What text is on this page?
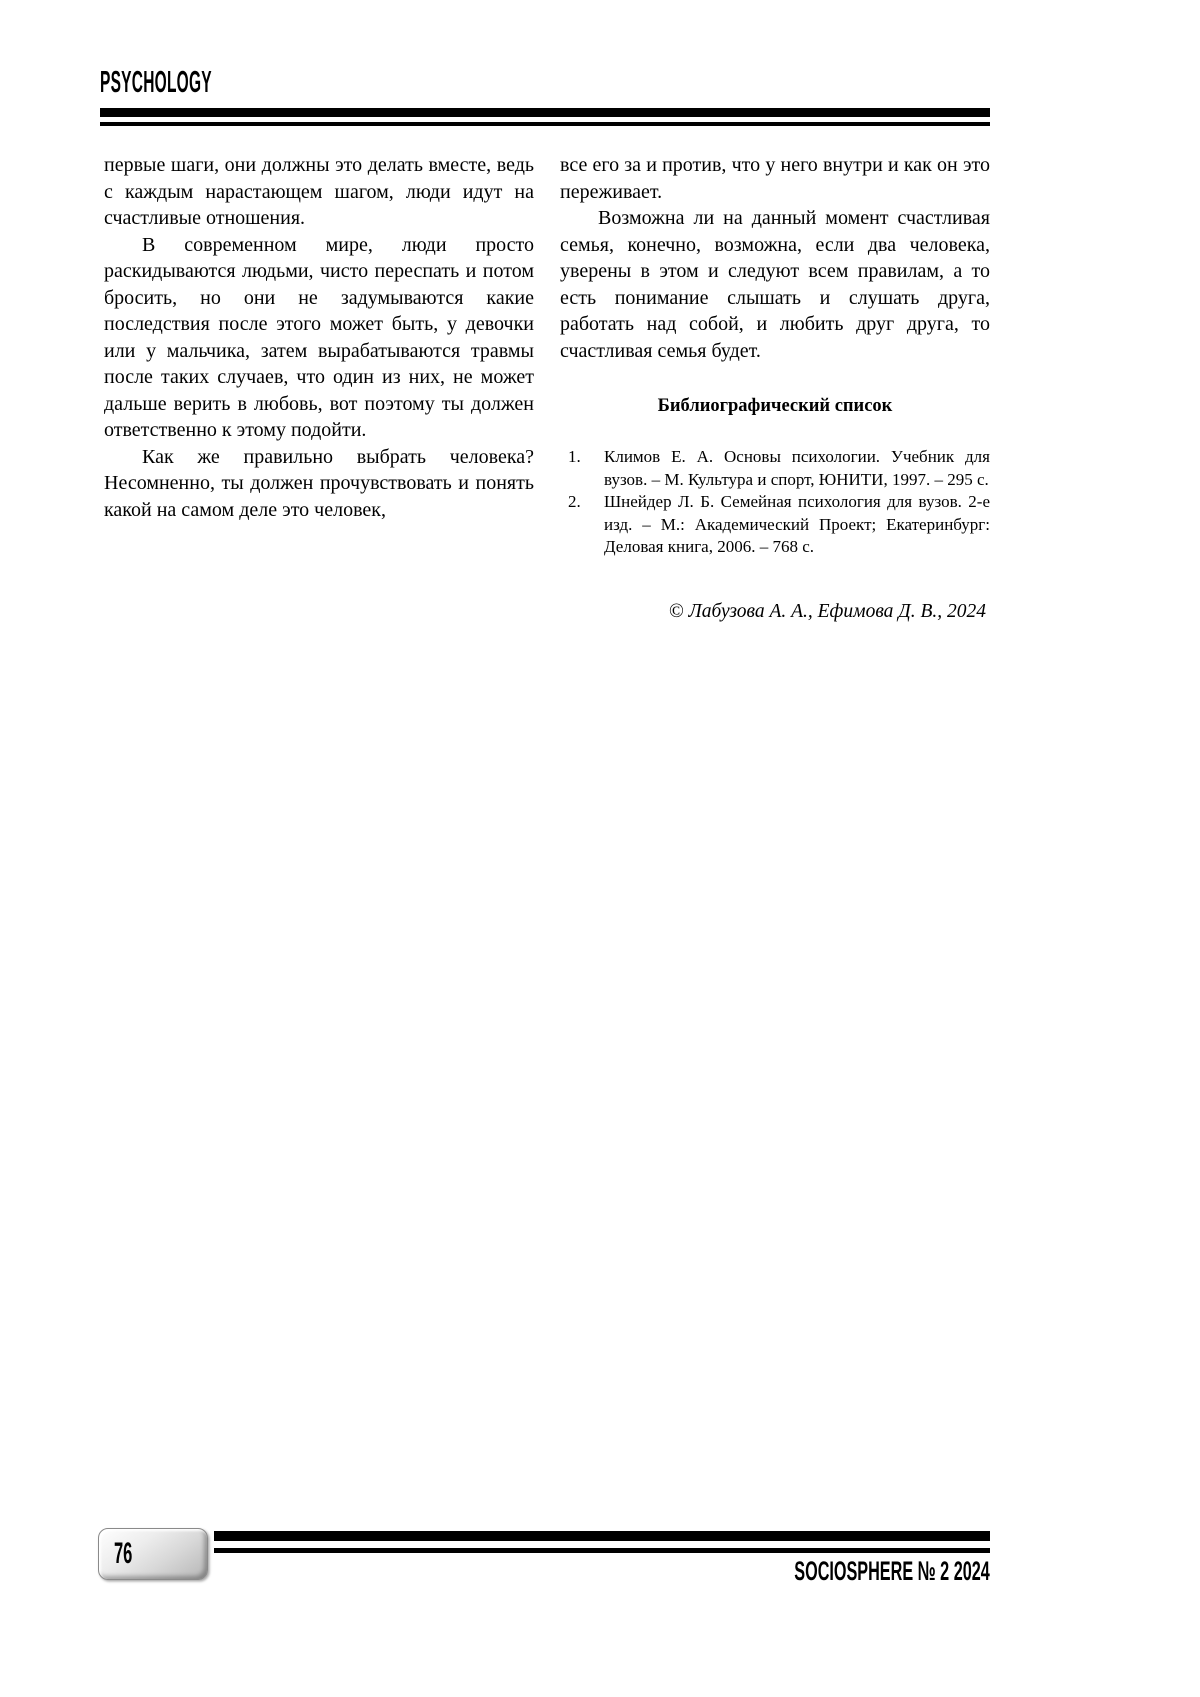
PSYCHOLOGY

первые шаги, они должны это делать вместе, ведь с каждым нарастающем шагом, люди идут на счастливые отношения.

В современном мире, люди просто раскидываются людьми, чисто переспать и потом бросить, но они не задумываются какие последствия после этого может быть, у девочки или у мальчика, затем вырабатываются травмы после таких случаев, что один из них, не может дальше верить в любовь, вот поэтому ты должен ответственно к этому подойти.

Как же правильно выбрать человека? Несомненно, ты должен прочувствовать и понять какой на самом деле это человек,

все его за и против, что у него внутри и как он это переживает.

Возможна ли на данный момент счастливая семья, конечно, возможна, если два человека, уверены в этом и следуют всем правилам, а то есть понимание слышать и слушать друга, работать над собой, и любить друг друга, то счастливая семья будет.

Библиографический список
1.	Климов Е. А. Основы психологии. Учебник для вузов. – М. Культура и спорт, ЮНИТИ, 1997. – 295 с.
2.	Шнейдер Л. Б. Семейная психология для вузов. 2-е изд. – М.: Академический Проект; Екатеринбург: Деловая книга, 2006. – 768 с.
© Лабузова А. А., Ефимова Д. В., 2024
76
SOCIOSPHERE № 2 2024
